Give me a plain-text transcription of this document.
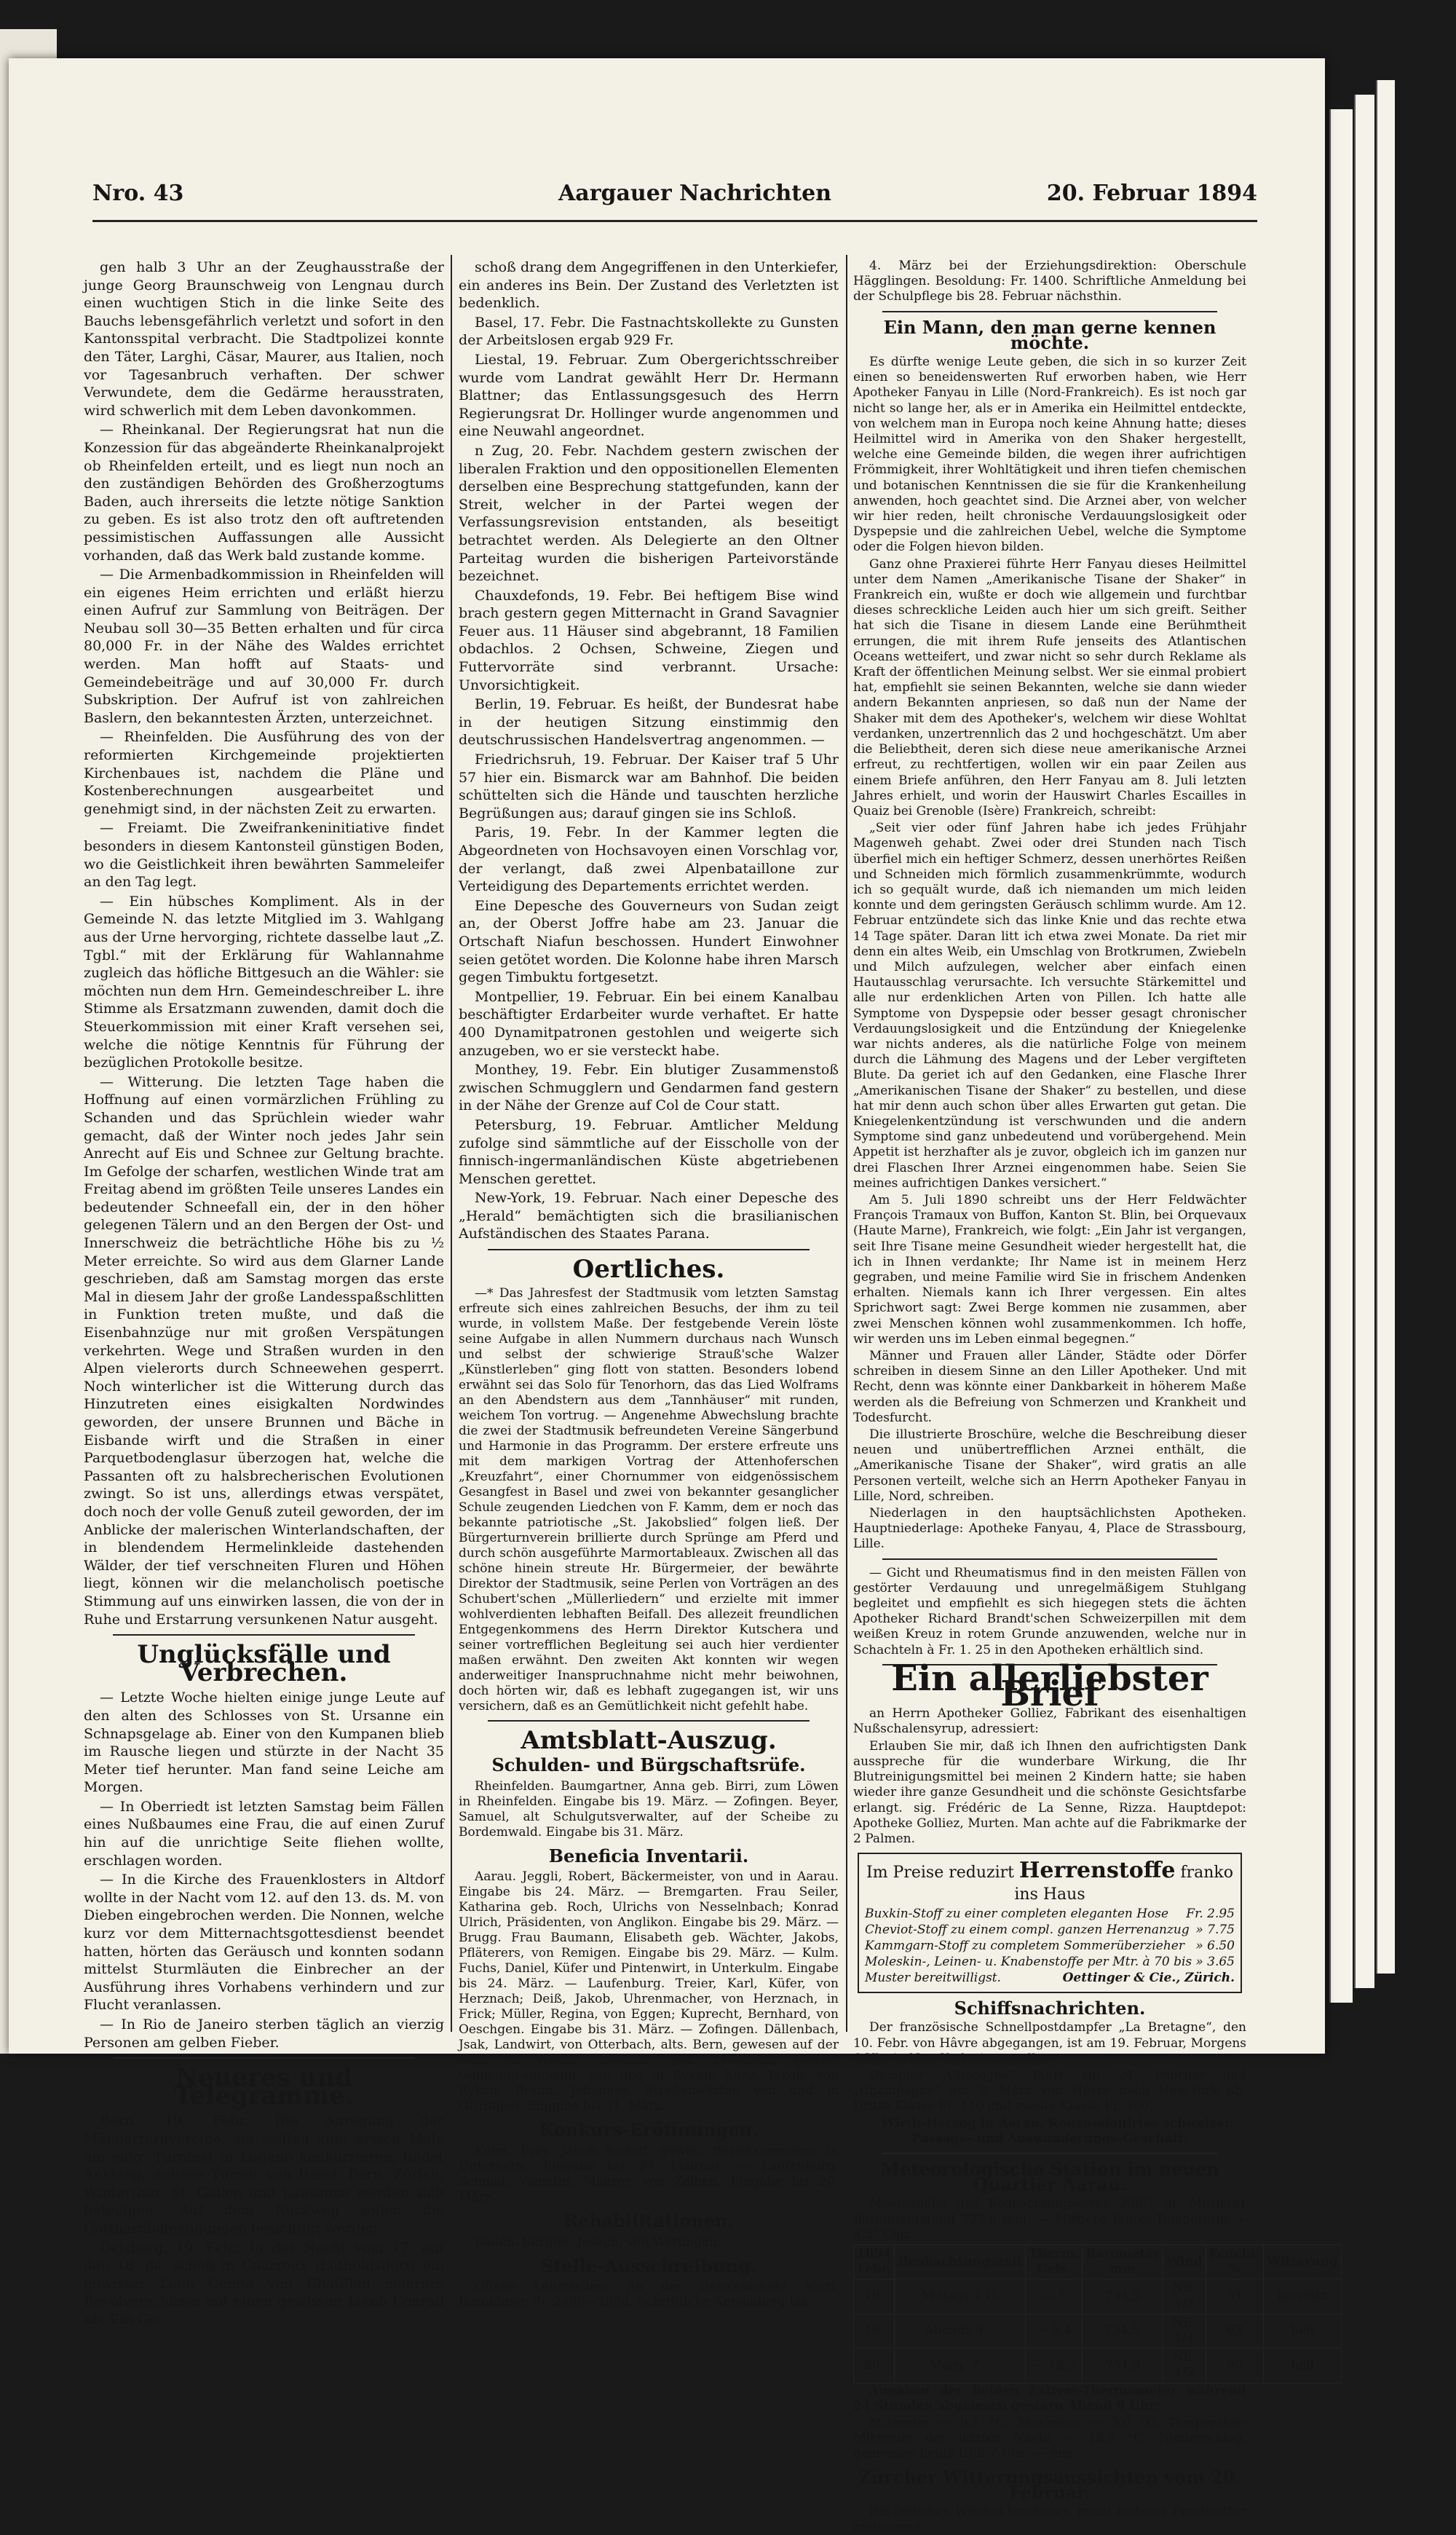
Nro. 43	Aargauer Nachrichten	20. Februar 1894

gen halb 3 Uhr an der Zeughausstraße der junge Georg Braunschweig von Lengnau durch einen wuchtigen Stich in die linke Seite des Bauchs lebensgefährlich verletzt und sofort in den Kantonsspital verbracht. Die Stadtpolizei konnte den Täter, Larghi, Cäsar, Maurer, aus Italien, noch vor Tagesanbruch verhaften. Der schwer Verwundete, dem die Gedärme herausstraten, wird schwerlich mit dem Leben davonkommen.

— Rheinkanal. Der Regierungsrat hat nun die Konzession für das abgeänderte Rheinkanalprojekt ob Rheinfelden erteilt, und es liegt nun noch an den zuständigen Behörden des Großherzogtums Baden, auch ihrerseits die letzte nötige Sanktion zu geben. Es ist also trotz den oft auftretenden pessimistischen Auffassungen alle Aussicht vorhanden, daß das Werk bald zustande komme.

— Die Armenbadkommission in Rheinfelden will ein eigenes Heim errichten und erläßt hierzu einen Aufruf zur Sammlung von Beiträgen. Der Neubau soll 30—35 Betten erhalten und für circa 80,000 Fr. in der Nähe des Waldes errichtet werden. Man hofft auf Staats- und Gemeindebeiträge und auf 30,000 Fr. durch Subskription. Der Aufruf ist von zahlreichen Baslern, den bekanntesten Ärzten, unterzeichnet.

— Rheinfelden. Die Ausführung des von der reformierten Kirchgemeinde projektierten Kirchenbaues ist, nachdem die Pläne und Kostenberechnungen ausgearbeitet und genehmigt sind, in der nächsten Zeit zu erwarten.

— Freiamt. Die Zweifrankeninitiative findet besonders in diesem Kantonsteil günstigen Boden, wo die Geistlichkeit ihren bewährten Sammeleifer an den Tag legt.

— Ein hübsches Kompliment. Als in der Gemeinde N. das letzte Mitglied im 3. Wahlgang aus der Urne hervorging, richtete dasselbe laut „Z. Tgbl.“ mit der Erklärung für Wahlannahme zugleich das höfliche Bittgesuch an die Wähler: sie möchten nun dem Hrn. Gemeindeschreiber L. ihre Stimme als Ersatzmann zuwenden, damit doch die Steuerkommission mit einer Kraft versehen sei, welche die nötige Kenntnis für Führung der bezüglichen Protokolle besitze.

— Witterung. Die letzten Tage haben die Hoffnung auf einen vormärzlichen Frühling zu Schanden und das Sprüchlein wieder wahr gemacht, daß der Winter noch jedes Jahr sein Anrecht auf Eis und Schnee zur Geltung brachte. Im Gefolge der scharfen, westlichen Winde trat am Freitag abend im größten Teile unseres Landes ein bedeutender Schneefall ein, der in den höher gelegenen Tälern und an den Bergen der Ost- und Innerschweiz die beträchtliche Höhe bis zu ½ Meter erreichte. So wird aus dem Glarner Lande geschrieben, daß am Samstag morgen das erste Mal in diesem Jahr der große Landesspaßschlitten in Funktion treten mußte, und daß die Eisenbahnzüge nur mit großen Verspätungen verkehrten. Wege und Straßen wurden in den Alpen vielerorts durch Schneewehen gesperrt. Noch winterlicher ist die Witterung durch das Hinzutreten eines eisigkalten Nordwindes geworden, der unsere Brunnen und Bäche in Eisbande wirft und die Straßen in einer Parquetbodenglasur überzogen hat, welche die Passanten oft zu halsbrecherischen Evolutionen zwingt. So ist uns, allerdings etwas verspätet, doch noch der volle Genuß zuteil geworden, der im Anblicke der malerischen Winterlandschaften, der in blendendem Hermelinkleide dastehenden Wälder, der tief verschneiten Fluren und Höhen liegt, können wir die melancholisch poetische Stimmung auf uns einwirken lassen, die von der in Ruhe und Erstarrung versunkenen Natur ausgeht.

Unglücksfälle und Verbrechen.

— Letzte Woche hielten einige junge Leute auf den alten des Schlosses von St. Ursanne ein Schnapsgelage ab. Einer von den Kumpanen blieb im Rausche liegen und stürzte in der Nacht 35 Meter tief herunter. Man fand seine Leiche am Morgen.

— In Oberriedt ist letzten Samstag beim Fällen eines Nußbaumes eine Frau, die auf einen Zuruf hin auf die unrichtige Seite fliehen wollte, erschlagen worden.

— In die Kirche des Frauenklosters in Altdorf wollte in der Nacht vom 12. auf den 13. ds. M. von Dieben eingebrochen werden. Die Nonnen, welche kurz vor dem Mitternachtsgottesdienst beendet hatten, hörten das Geräusch und konnten sodann mittelst Sturmläuten die Einbrecher an der Ausführung ihres Vorhabens verhindern und zur Flucht veranlassen.

— In Rio de Janeiro sterben täglich an vierzig Personen am gelben Fieber.

Neueres und Telegramme.

Bern, 19. Febr. Die Anregung der Männerturnvereine, sie sollten zum ersten Male am eidg. Turnfest in Lugano konkurrieren, findet Anklang. Aeltere Turner von Basel, Bern, Zürich, Winterthur, St. Gallen und Lausanne werden sich beteiligen. Auf dem Rückweg sollen die Gotthardbefestigungen besichtigt werden.

Delsberg, 19. Febr. In der Nacht vom 17. auf den 18. ds. schoß in Courroux (Lütholdsdorf) ein gewisser Leon Comte von Chatillon mehrere Revolverschüsse auf einen gewissen Jakob Conrad ab. Ein Ge-

schoß drang dem Angegriffenen in den Unterkiefer, ein anderes ins Bein. Der Zustand des Verletzten ist bedenklich.

Basel, 17. Febr. Die Fastnachtskollekte zu Gunsten der Arbeitslosen ergab 929 Fr.

Liestal, 19. Februar. Zum Obergerichtsschreiber wurde vom Landrat gewählt Herr Dr. Hermann Blattner; das Entlassungsgesuch des Herrn Regierungsrat Dr. Hollinger wurde angenommen und eine Neuwahl angeordnet.

n Zug, 20. Febr. Nachdem gestern zwischen der liberalen Fraktion und den oppositionellen Elementen derselben eine Besprechung stattgefunden, kann der Streit, welcher in der Partei wegen der Verfassungsrevision entstanden, als beseitigt betrachtet werden. Als Delegierte an den Oltner Parteitag wurden die bisherigen Parteivorstände bezeichnet.

Chauxdefonds, 19. Febr. Bei heftigem Bise wind brach gestern gegen Mitternacht in Grand Savagnier Feuer aus. 11 Häuser sind abgebrannt, 18 Familien obdachlos. 2 Ochsen, Schweine, Ziegen und Futtervorräte sind verbrannt. Ursache: Unvorsichtigkeit.

Berlin, 19. Februar. Es heißt, der Bundesrat habe in der heutigen Sitzung einstimmig den deutschrussischen Handelsvertrag angenommen. —

Friedrichsruh, 19. Februar. Der Kaiser traf 5 Uhr 57 hier ein. Bismarck war am Bahnhof. Die beiden schüttelten sich die Hände und tauschten herzliche Begrüßungen aus; darauf gingen sie ins Schloß.

Paris, 19. Febr. In der Kammer legten die Abgeordneten von Hochsavoyen einen Vorschlag vor, der verlangt, daß zwei Alpenbataillone zur Verteidigung des Departements errichtet werden.

Eine Depesche des Gouverneurs von Sudan zeigt an, der Oberst Joffre habe am 23. Januar die Ortschaft Niafun beschossen. Hundert Einwohner seien getötet worden. Die Kolonne habe ihren Marsch gegen Timbuktu fortgesetzt.

Montpellier, 19. Februar. Ein bei einem Kanalbau beschäftigter Erdarbeiter wurde verhaftet. Er hatte 400 Dynamitpatronen gestohlen und weigerte sich anzugeben, wo er sie versteckt habe.

Monthey, 19. Febr. Ein blutiger Zusammenstoß zwischen Schmugglern und Gendarmen fand gestern in der Nähe der Grenze auf Col de Cour statt.

Petersburg, 19. Februar. Amtlicher Meldung zufolge sind sämmtliche auf der Eisscholle von der finnisch-ingermanländischen Küste abgetriebenen Menschen gerettet.

New-York, 19. Februar. Nach einer Depesche des „Herald“ bemächtigten sich die brasilianischen Aufständischen des Staates Parana.

Oertliches.

—* Das Jahresfest der Stadtmusik vom letzten Samstag erfreute sich eines zahlreichen Besuchs, der ihm zu teil wurde, in vollstem Maße. Der festgebende Verein löste seine Aufgabe in allen Nummern durchaus nach Wunsch und selbst der schwierige Strauß'sche Walzer „Künstlerleben“ ging flott von statten. Besonders lobend erwähnt sei das Solo für Tenorhorn, das das Lied Wolframs an den Abendstern aus dem „Tannhäuser“ mit runden, weichem Ton vortrug. — Angenehme Abwechslung brachte die zwei der Stadtmusik befreundeten Vereine Sängerbund und Harmonie in das Programm. Der erstere erfreute uns mit dem markigen Vortrag der Attenhoferschen „Kreuzfahrt“, einer Chornummer von eidgenössischem Gesangfest in Basel und zwei von bekannter gesanglicher Schule zeugenden Liedchen von F. Kamm, dem er noch das bekannte patriotische „St. Jakobslied“ folgen ließ. Der Bürgerturnverein brillierte durch Sprünge am Pferd und durch schön ausgeführte Marmortableaux. Zwischen all das schöne hinein streute Hr. Bürgermeier, der bewährte Direktor der Stadtmusik, seine Perlen von Vorträgen an des Schubert'schen „Müllerliedern“ und erzielte mit immer wohlverdienten lebhaften Beifall. Des allezeit freundlichen Entgegenkommens des Herrn Direktor Kutschera und seiner vortrefflichen Begleitung sei auch hier verdienter maßen erwähnt. Den zweiten Akt konnten wir wegen anderweitiger Inanspruchnahme nicht mehr beiwohnen, doch hörten wir, daß es lebhaft zugegangen ist, wir uns versichern, daß es an Gemütlichkeit nicht gefehlt habe.

Amtsblatt-Auszug.
Schulden- und Bürgschaftsrüfe.

Rheinfelden. Baumgartner, Anna geb. Birri, zum Löwen in Rheinfelden. Eingabe bis 19. März. — Zofingen. Beyer, Samuel, alt Schulgutsverwalter, auf der Scheibe zu Bordemwald. Eingabe bis 31. März.

Beneficia Inventarii.

Aarau. Jeggli, Robert, Bäckermeister, von und in Aarau. Eingabe bis 24. März. — Bremgarten. Frau Seiler, Katharina geb. Roch, Ulrichs von Nesselnbach; Konrad Ulrich, Präsidenten, von Anglikon. Eingabe bis 29. März. — Brugg. Frau Baumann, Elisabeth geb. Wächter, Jakobs, Pfläterers, von Remigen. Eingabe bis 29. März. — Kulm. Fuchs, Daniel, Küfer und Pintenwirt, in Unterkulm. Eingabe bis 24. März. — Laufenburg. Treier, Karl, Küfer, von Herznach; Deiß, Jakob, Uhrenmacher, von Herznach, in Frick; Müller, Regina, von Eggen; Kuprecht, Bernhard, von Oeschgen. Eingabe bis 31. März. — Zofingen. Dällenbach, Jsak, Landwirt, von Otterbach, alts. Bern, gewesen auf der Matt in Ryken; Siegrist, Joh. Friedrich, gewes. Gemeindeammann, von und in Ryken; Kunz, Jakob, von Ryken; Braun, Johannes, Straßenwärter, von und in Oftringen. Eingabe bis 31. März.

Konkurs-Eröffnungen.

Kulm. Frey, Jakob Rudolf, gewes. Bezirksammann, in Unterkulm. Eingabe bis 27. Februar. — Laufenburg. Schmid, Valentin, Maurer, von Zeihen. Eingabe bis 20. März.

Rehabilitationen.

Baden. Bürgler, Joseph, von Wettingen.

Stelle-Ausschreibung.

Offene Lehrstellen: An der Bezirksschule Muri. Besoldung: Fr. 2400—2800. Schriftliche Anmeldung bis

4. März bei der Erziehungsdirektion: Oberschule Hägglingen. Besoldung: Fr. 1400. Schriftliche Anmeldung bei der Schulpflege bis 28. Februar nächsthin.

Ein Mann, den man gerne kennen möchte.

Es dürfte wenige Leute geben, die sich in so kurzer Zeit einen so beneidenswerten Ruf erworben haben, wie Herr Apotheker Fanyau in Lille (Nord-Frankreich). Es ist noch gar nicht so lange her, als er in Amerika ein Heilmittel entdeckte, von welchem man in Europa noch keine Ahnung hatte; dieses Heilmittel wird in Amerika von den Shaker hergestellt, welche eine Gemeinde bilden, die wegen ihrer aufrichtigen Frömmigkeit, ihrer Wohltätigkeit und ihren tiefen chemischen und botanischen Kenntnissen die sie für die Krankenheilung anwenden, hoch geachtet sind. Die Arznei aber, von welcher wir hier reden, heilt chronische Verdauungslosigkeit oder Dyspepsie und die zahlreichen Uebel, welche die Symptome oder die Folgen hievon bilden.

Ganz ohne Praxierei führte Herr Fanyau dieses Heilmittel unter dem Namen „Amerikanische Tisane der Shaker“ in Frankreich ein, wußte er doch wie allgemein und furchtbar dieses schreckliche Leiden auch hier um sich greift. Seither hat sich die Tisane in diesem Lande eine Berühmtheit errungen, die mit ihrem Rufe jenseits des Atlantischen Oceans wetteifert, und zwar nicht so sehr durch Reklame als Kraft der öffentlichen Meinung selbst. Wer sie einmal probiert hat, empfiehlt sie seinen Bekannten, welche sie dann wieder andern Bekannten anpriesen, so daß nun der Name der Shaker mit dem des Apotheker's, welchem wir diese Wohltat verdanken, unzertrennlich das 2 und hochgeschätzt. Um aber die Beliebtheit, deren sich diese neue amerikanische Arznei erfreut, zu rechtfertigen, wollen wir ein paar Zeilen aus einem Briefe anführen, den Herr Fanyau am 8. Juli letzten Jahres erhielt, und worin der Hauswirt Charles Escailles in Quaiz bei Grenoble (Isère) Frankreich, schreibt:

„Seit vier oder fünf Jahren habe ich jedes Frühjahr Magenweh gehabt. Zwei oder drei Stunden nach Tisch überfiel mich ein heftiger Schmerz, dessen unerhörtes Reißen und Schneiden mich förmlich zusammenkrümmte, wodurch ich so gequält wurde, daß ich niemanden um mich leiden konnte und dem geringsten Geräusch schlimm wurde. Am 12. Februar entzündete sich das linke Knie und das rechte etwa 14 Tage später. Daran litt ich etwa zwei Monate. Da riet mir denn ein altes Weib, ein Umschlag von Brotkrumen, Zwiebeln und Milch aufzulegen, welcher aber einfach einen Hautausschlag verursachte. Ich versuchte Stärkemittel und alle nur erdenklichen Arten von Pillen. Ich hatte alle Symptome von Dyspepsie oder besser gesagt chronischer Verdauungslosigkeit und die Entzündung der Kniegelenke war nichts anderes, als die natürliche Folge von meinem durch die Lähmung des Magens und der Leber vergifteten Blute. Da geriet ich auf den Gedanken, eine Flasche Ihrer „Amerikanischen Tisane der Shaker“ zu bestellen, und diese hat mir denn auch schon über alles Erwarten gut getan. Die Kniegelenkentzündung ist verschwunden und die andern Symptome sind ganz unbedeutend und vorübergehend. Mein Appetit ist herzhafter als je zuvor, obgleich ich im ganzen nur drei Flaschen Ihrer Arznei eingenommen habe. Seien Sie meines aufrichtigen Dankes versichert.“

Am 5. Juli 1890 schreibt uns der Herr Feldwächter François Tramaux von Buffon, Kanton St. Blin, bei Orquevaux (Haute Marne), Frankreich, wie folgt: „Ein Jahr ist vergangen, seit Ihre Tisane meine Gesundheit wieder hergestellt hat, die ich in Ihnen verdankte; Ihr Name ist in meinem Herz gegraben, und meine Familie wird Sie in frischem Andenken erhalten. Niemals kann ich Ihrer vergessen. Ein altes Sprichwort sagt: Zwei Berge kommen nie zusammen, aber zwei Menschen können wohl zusammenkommen. Ich hoffe, wir werden uns im Leben einmal begegnen.“

Männer und Frauen aller Länder, Städte oder Dörfer schreiben in diesem Sinne an den Liller Apotheker. Und mit Recht, denn was könnte einer Dankbarkeit in höherem Maße werden als die Befreiung von Schmerzen und Krankheit und Todesfurcht.

Die illustrierte Broschüre, welche die Beschreibung dieser neuen und unübertrefflichen Arznei enthält, die „Amerikanische Tisane der Shaker“, wird gratis an alle Personen verteilt, welche sich an Herrn Apotheker Fanyau in Lille, Nord, schreiben.

Niederlagen in den hauptsächlichsten Apotheken. Hauptniederlage: Apotheke Fanyau, 4, Place de Strassbourg, Lille.

— Gicht und Rheumatismus find in den meisten Fällen von gestörter Verdauung und unregelmäßigem Stuhlgang begleitet und empfiehlt es sich hiegegen stets die ächten Apotheker Richard Brandt'schen Schweizerpillen mit dem weißen Kreuz in rotem Grunde anzuwenden, welche nur in Schachteln à Fr. 1. 25 in den Apotheken erhältlich sind.

Ein allerliebster Brief

an Herrn Apotheker Golliez, Fabrikant des eisenhaltigen Nußschalensyrup, adressiert:

Erlauben Sie mir, daß ich Ihnen den aufrichtigsten Dank ausspreche für die wunderbare Wirkung, die Ihr Blutreinigungsmittel bei meinen 2 Kindern hatte; sie haben wieder ihre ganze Gesundheit und die schönste Gesichtsfarbe erlangt. sig. Frédéric de La Senne, Rizza. Hauptdepot: Apotheke Golliez, Murten. Man achte auf die Fabrikmarke der 2 Palmen.

Im Preise reduzirt Herrenstoffe franko ins Haus
Buxkin-Stoff zu einer completen eleganten Hose Fr. 2.95
Cheviot-Stoff zu einem compl. ganzen Herrenanzug » 7.75
Kammgarn-Stoff zu completem Sommerüberzieher » 6.50
Moleskin-, Leinen- u. Knabenstoffe per Mtr. à 70 bis » 3.65
Muster bereitwilligst.	Oettinger & Cie., Zürich.
Schiffsnachrichten.

Der französische Schnellpostdampfer „La Bretagne“, den 10. Febr. von Hâvre abgegangen, ist am 19. Februar, Morgens 6 Uhr in New-York eingetroffen.

Dampfer „Gascogne“ fährt am 24. Februar und „Champagne“ am 3. März von Hâvre nach New-York ab. Dritte Klasse Fr. 110 und zweite Klasse Fr. 300.

Wirth-Herzog in Aarau. Konzessionirtes schweizer. Passage- und Auswanderungs-Geschäft.

Meteorologische Station im neuen Quartier Aarau.

Meereshöhe des Beobachtungsortes 396,7 m. Mittlerer Barometerstand 727,8 mm. — Mittlere Jahres-Temperatur + 8,2° Cels.

1894 Febr.	Beobachtungszeit	Therm. Cels.	Barometer mm	Wind	Feucht. %	Witterung
19.	Mittags 1 U.	— 5	734,5	NE, 1/2	51	bewölkt
19.	Abends 9 ..	— 5,4	734,5	NE, 1/4	63	hell
20.	Morg. 7 ..	— 12,3	734,9	NE, 1/2	90	hell

Angaben der beiden Extrem-Thermometer während 24 Stunden abgelesen gestern Abend 9 Uhr:

Minimum — 9,1 °C. Maximum — 3,0 °C. Temperatur-Minimum der letzten Nacht — 12,3 °C. Niederschlag, gemessen heute früh 7 Uhr: — mm.

Zürcher Witterungsaussichten vom 20. Februar.

Bei östlichen Winden trockenes, meist heiteres Frostwetter andauernd.
